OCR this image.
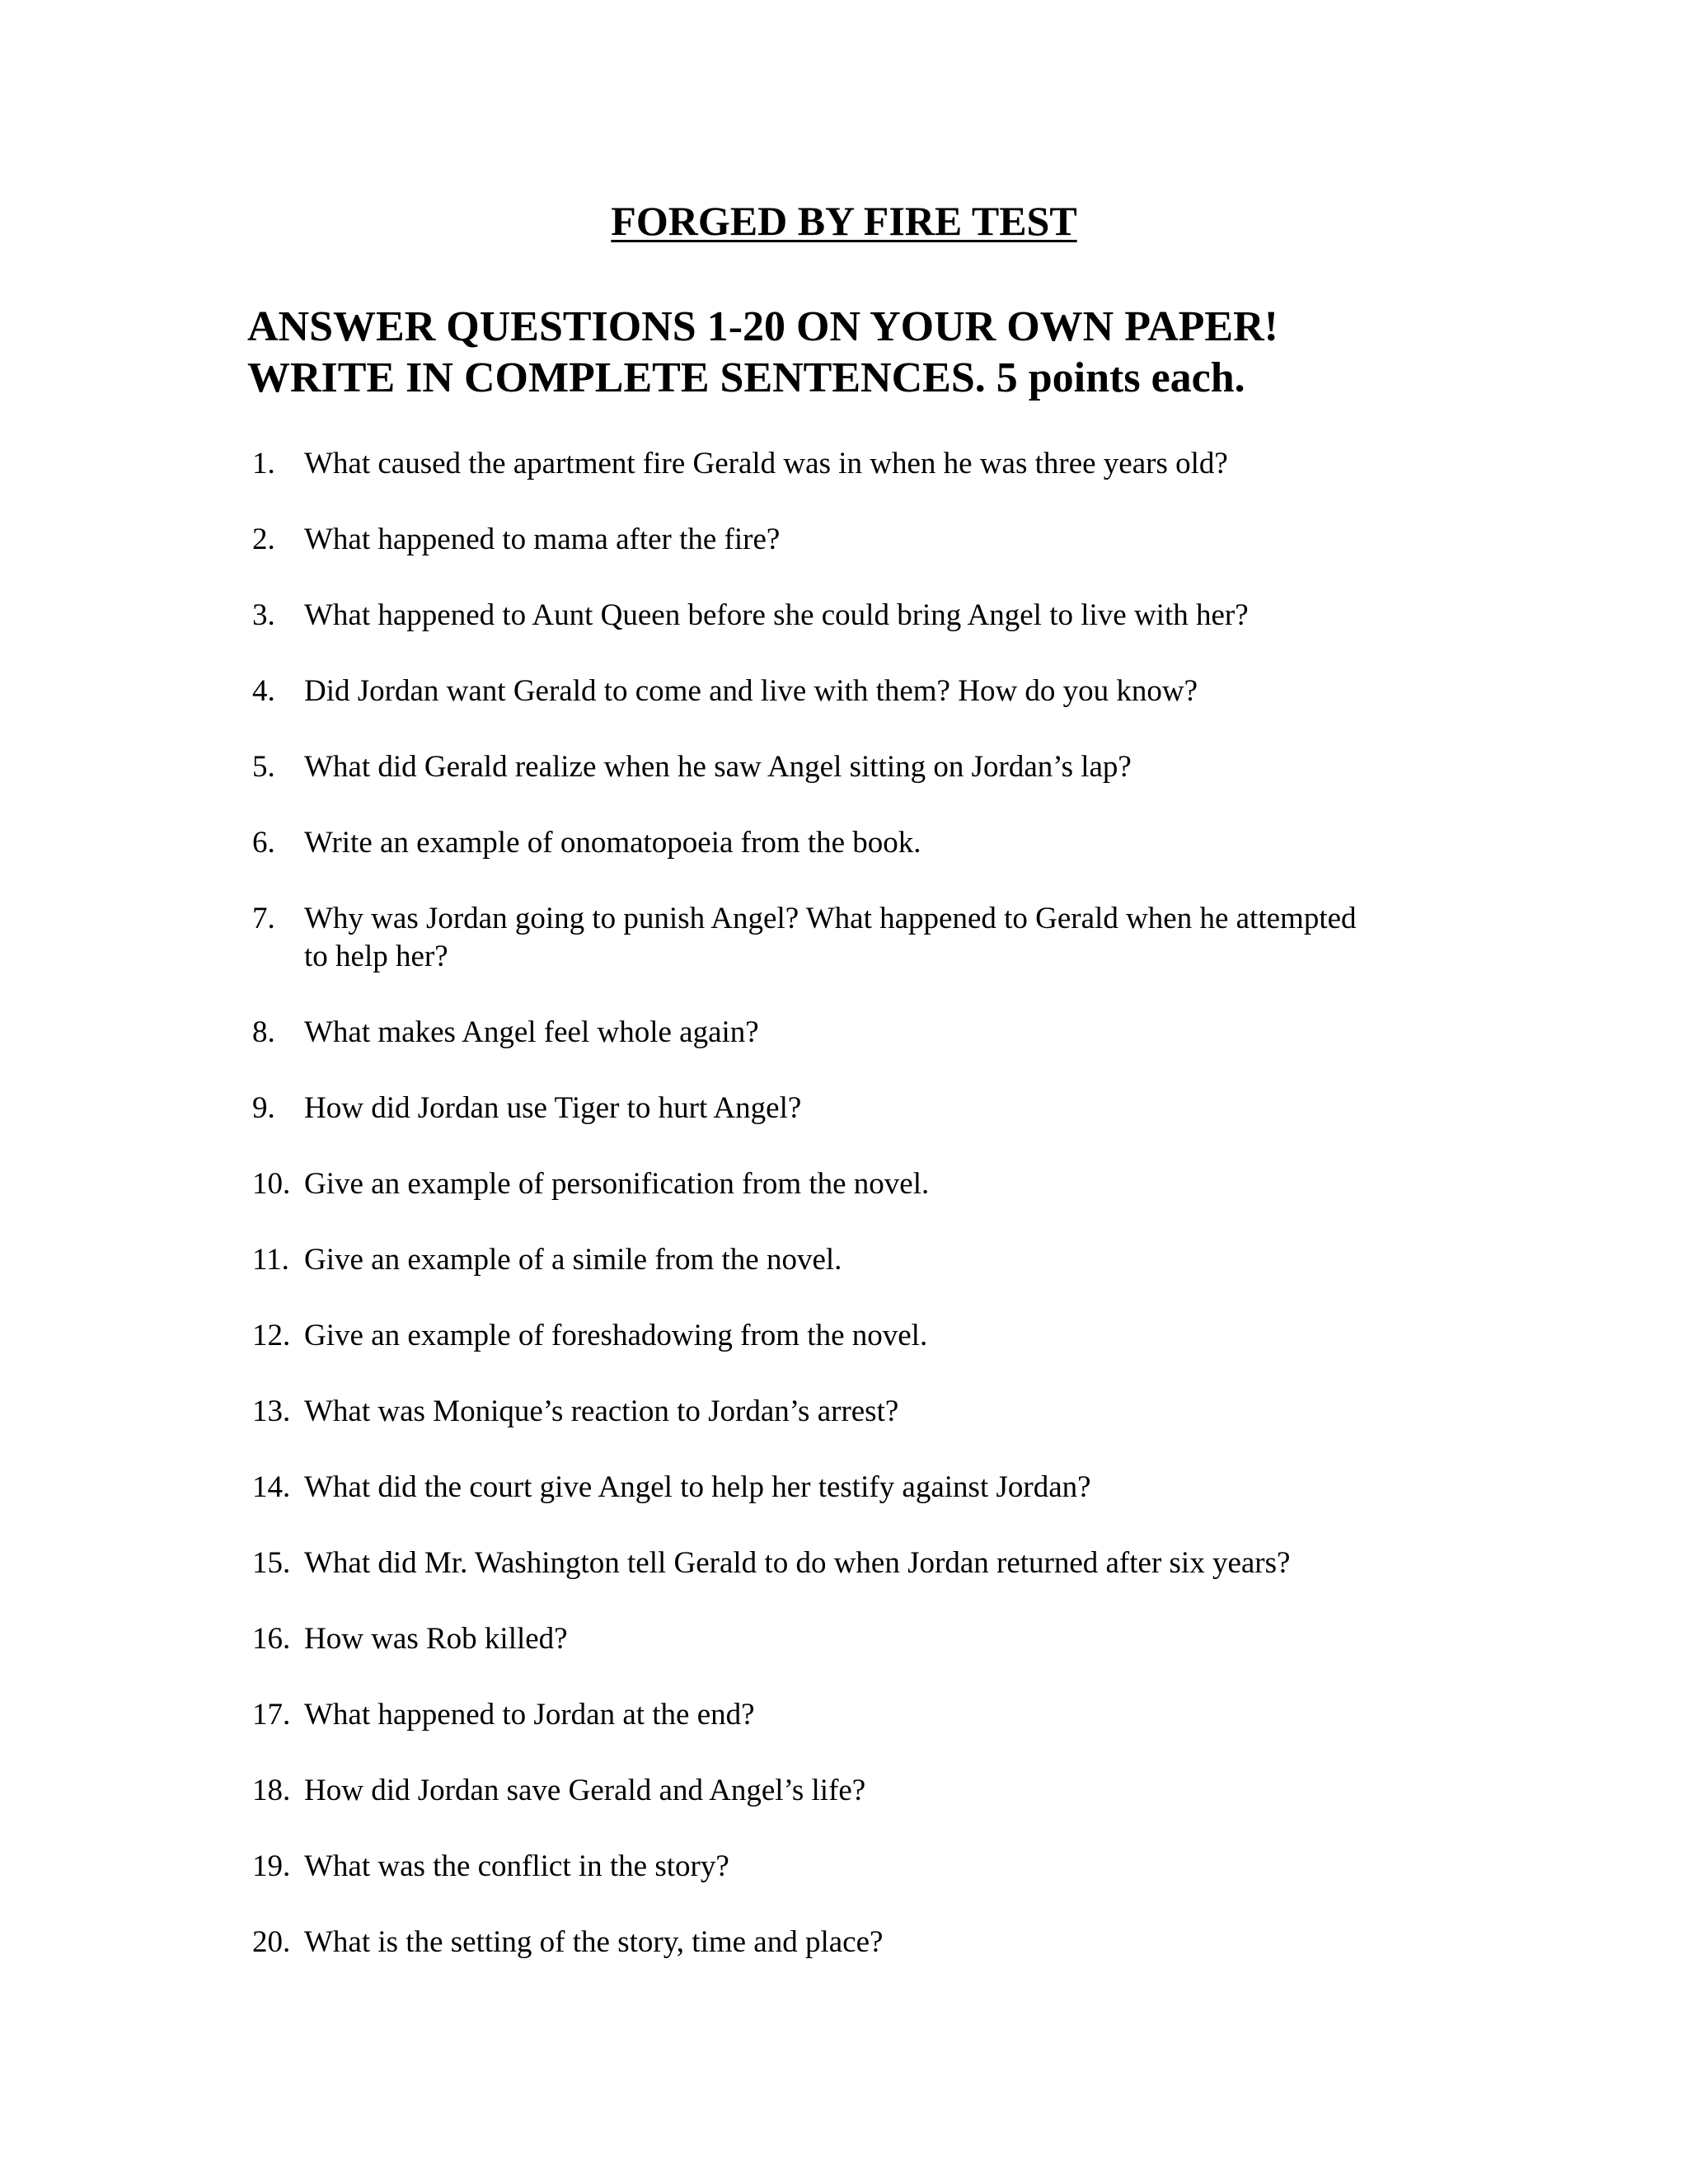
FORGED BY FIRE TEST
ANSWER QUESTIONS 1-20 ON YOUR OWN PAPER!
WRITE IN COMPLETE SENTENCES. 5 points each.
1. What caused the apartment fire Gerald was in when he was three years old?
2. What happened to mama after the fire?
3. What happened to Aunt Queen before she could bring Angel to live with her?
4. Did Jordan want Gerald to come and live with them? How do you know?
5. What did Gerald realize when he saw Angel sitting on Jordan’s lap?
6. Write an example of onomatopoeia from the book.
7. Why was Jordan going to punish Angel? What happened to Gerald when he attempted to help her?
8. What makes Angel feel whole again?
9. How did Jordan use Tiger to hurt Angel?
10. Give an example of personification from the novel.
11. Give an example of a simile from the novel.
12. Give an example of foreshadowing from the novel.
13. What was Monique’s reaction to Jordan’s arrest?
14. What did the court give Angel to help her testify against Jordan?
15. What did Mr. Washington tell Gerald to do when Jordan returned after six years?
16. How was Rob killed?
17. What happened to Jordan at the end?
18. How did Jordan save Gerald and Angel’s life?
19. What was the conflict in the story?
20. What is the setting of the story, time and place?
